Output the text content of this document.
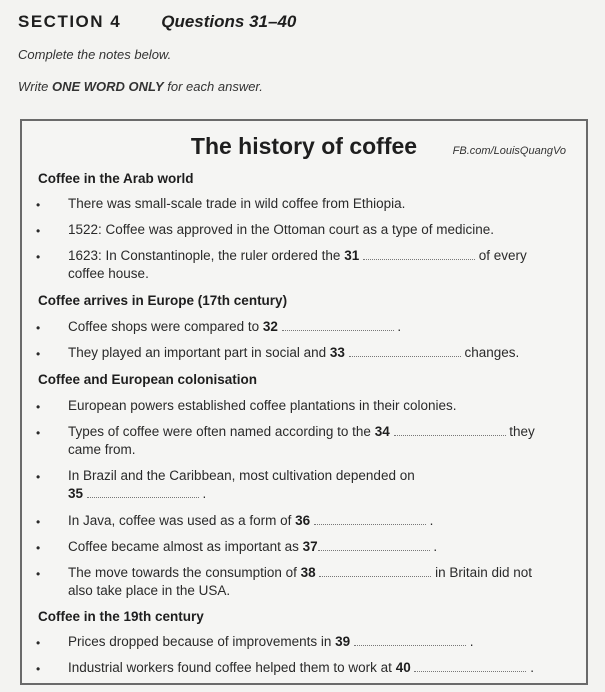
SECTION 4 Questions 31–40
Complete the notes below.
Write ONE WORD ONLY for each answer.
The history of coffee	FB.com/LouisQuangVo
Coffee in the Arab world
• There was small-scale trade in wild coffee from Ethiopia.
• 1522: Coffee was approved in the Ottoman court as a type of medicine.
• 1623: In Constantinople, the ruler ordered the 31	of every
coffee house.
Coffee arrives in Europe (17th century)
• Coffee shops were compared to 32	.
• They played an important part in social and 33	changes.
Coffee and European colonisation
• European powers established coffee plantations in their colonies.
• Types of coffee were often named according to the 34	they
came from.
• In Brazil and the Caribbean, most cultivation depended on
35	.
• In Java, coffee was used as a form of 36	.
• Coffee became almost as important as 37	.
• The move towards the consumption of 38	in Britain did not
also take place in the USA.
Coffee in the 19th century
• Prices dropped because of improvements in 39	.
• Industrial workers found coffee helped them to work at 40	.
